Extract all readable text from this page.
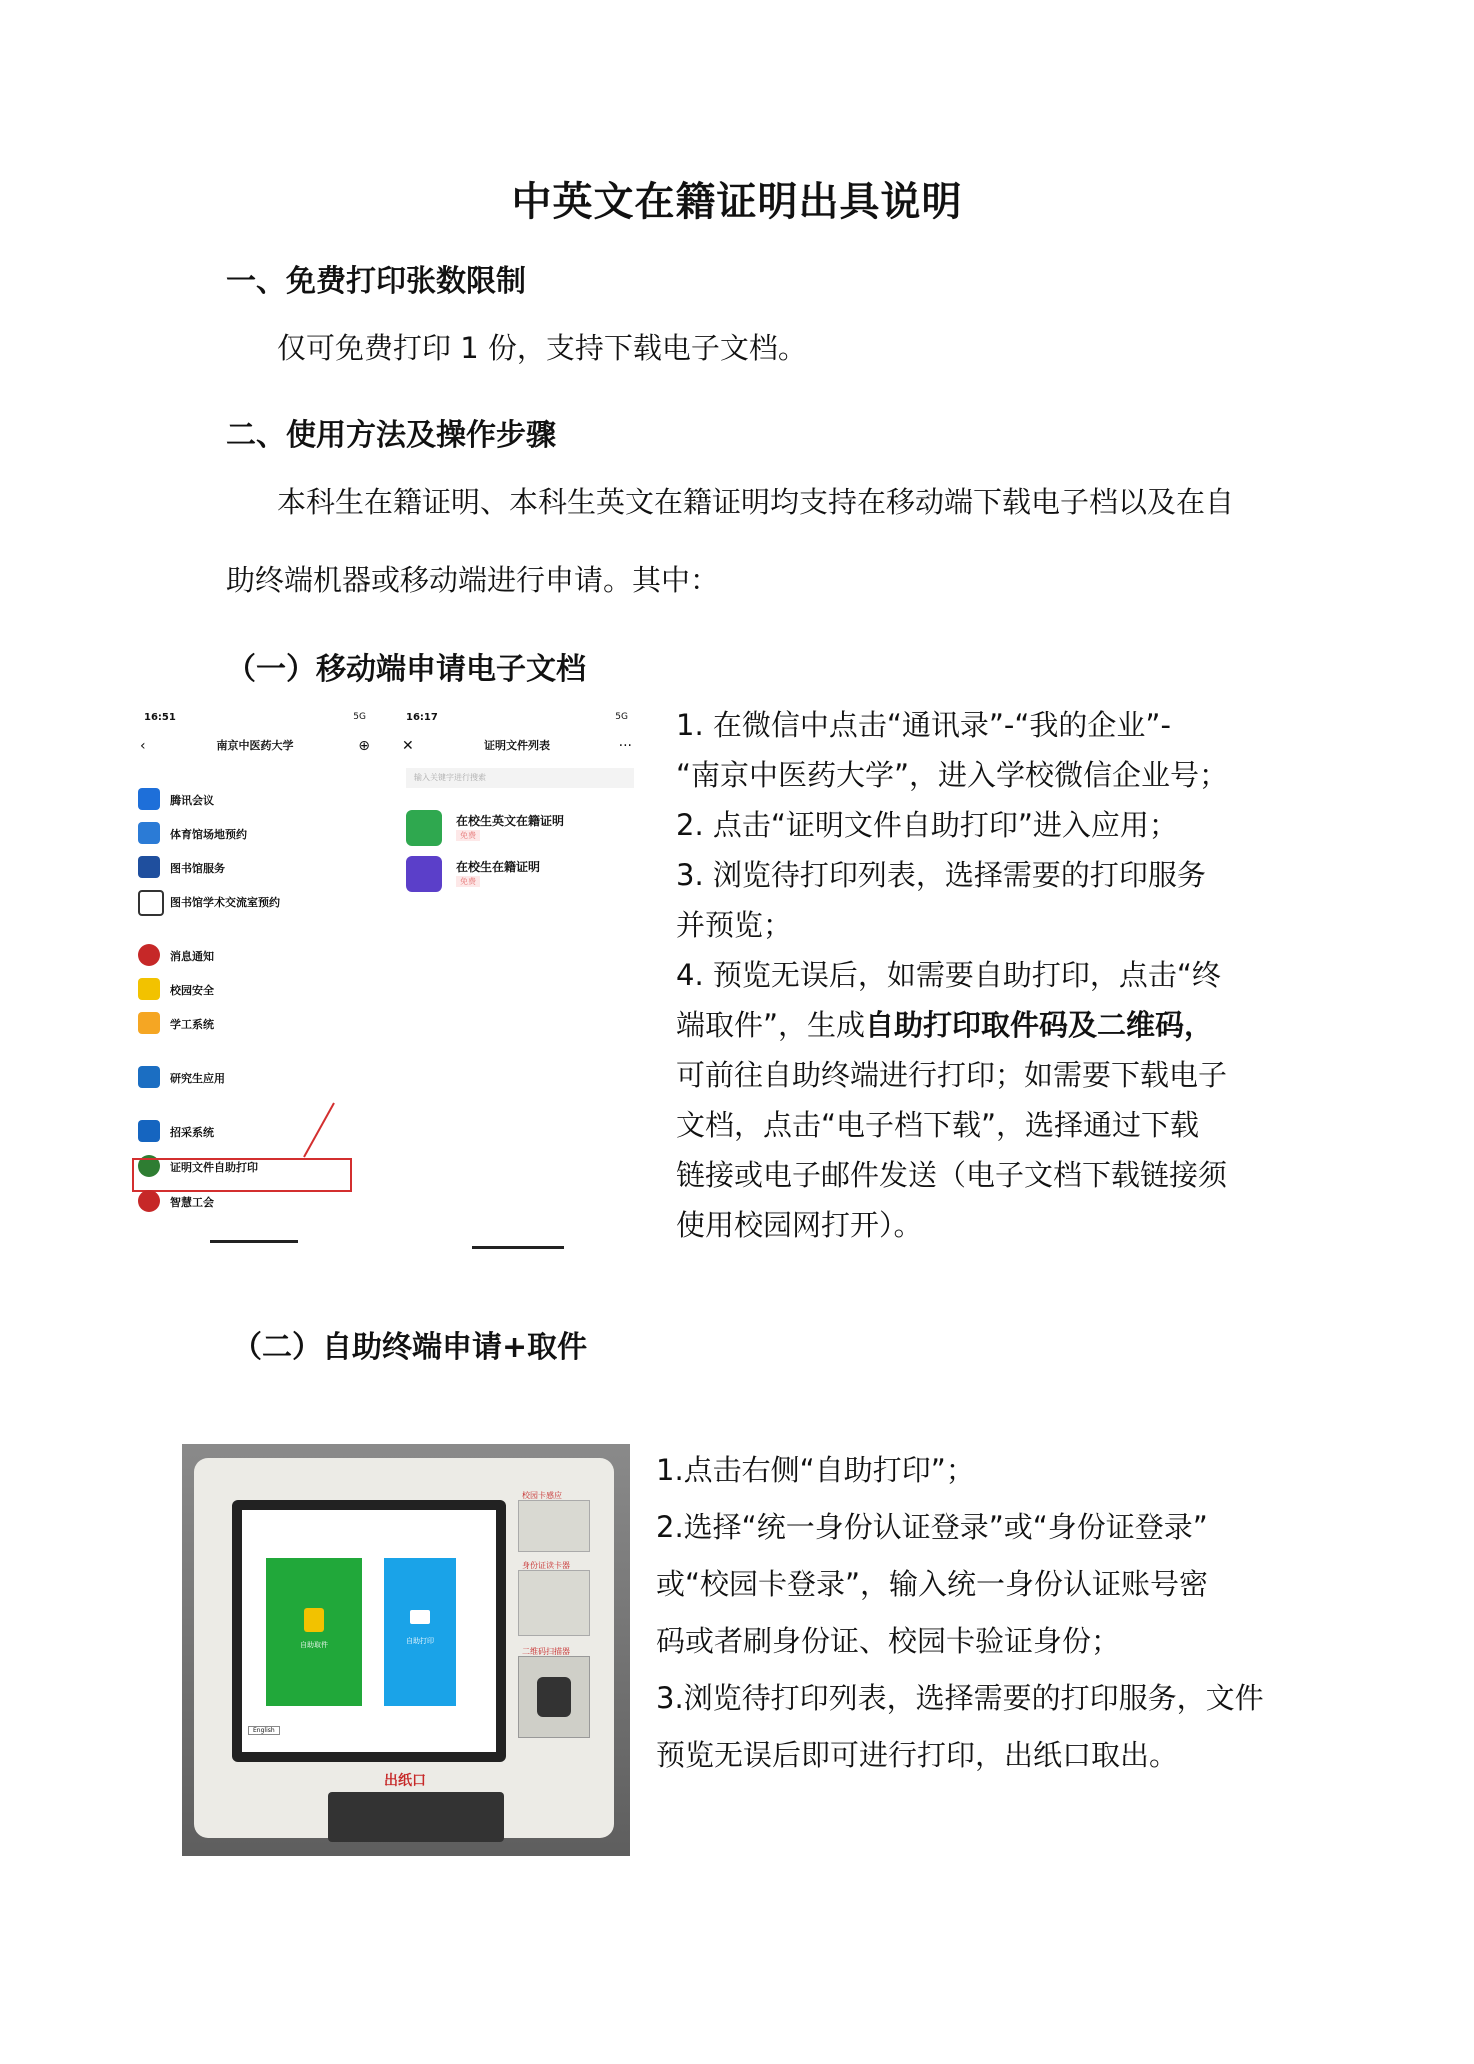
中英文在籍证明出具说明
一、免费打印张数限制
仅可免费打印 1 份，支持下载电子文档。
二、使用方法及操作步骤
本科生在籍证明、本科生英文在籍证明均支持在移动端下载电子档以及在自
助终端机器或移动端进行申请。其中：
（一）移动端申请电子文档
16:51	5G
‹	南京中医药大学	⊕
腾讯会议
体育馆场地预约
图书馆服务
图书馆学术交流室预约
消息通知
校园安全
学工系统
研究生应用
招采系统
证明文件自助打印
智慧工会
16:17	5G
✕	证明文件列表	···
输入关键字进行搜索
在校生英文在籍证明
免费
在校生在籍证明
免费

1. 在微信中点击“通讯录”-“我的企业”-

“南京中医药大学”，进入学校微信企业号；

2. 点击“证明文件自助打印”进入应用；

3. 浏览待打印列表，选择需要的打印服务

并预览；

4. 预览无误后，如需要自助打印，点击“终

端取件”，生成自助打印取件码及二维码，

可前往自助终端进行打印；如需要下载电子

文档，点击“电子档下载”，选择通过下载

链接或电子邮件发送（电子文档下载链接须

使用校园网打开）。

（二）自助终端申请+取件
自助取件	自助打印
English
校园卡感应
身份证读卡器
二维码扫描器
出纸口

1.点击右侧“自助打印”；

2.选择“统一身份认证登录”或“身份证登录”

或“校园卡登录”，输入统一身份认证账号密

码或者刷身份证、校园卡验证身份；

3.浏览待打印列表，选择需要的打印服务，文件

预览无误后即可进行打印，出纸口取出。
